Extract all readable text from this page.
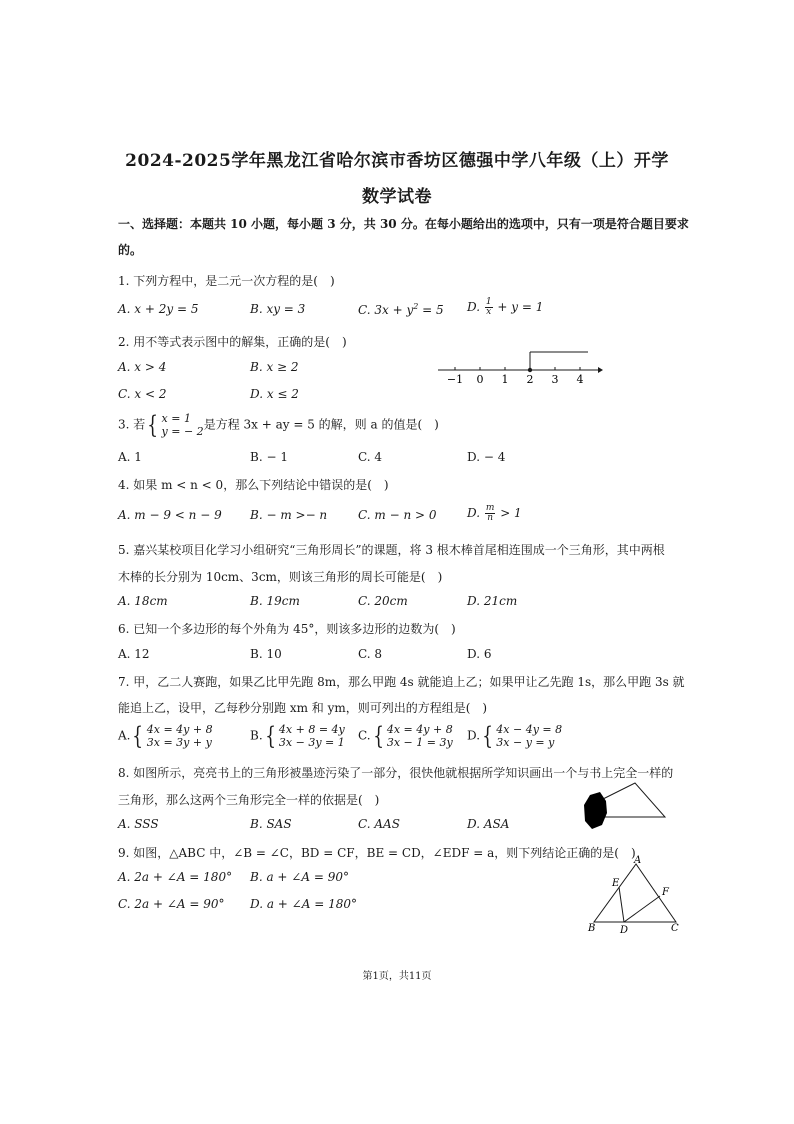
2024-2025学年黑龙江省哈尔滨市香坊区德强中学八年级（上）开学
数学试卷
一、选择题：本题共 10 小题，每小题 3 分，共 30 分。在每小题给出的选项中，只有一项是符合题目要求
的。
1. 下列方程中，是二元一次方程的是(　)
A. x + 2y = 5	B. xy = 3	C. $3x + y^2 = 5$ D. $\frac{1}{x} + y = 1$
2. 用不等式表示图中的解集，正确的是(　)
A. x > 4	B. x ≥ 2
C. x < 2	D. x ≤ 2
−1 0 1 2 3 4
3. 若{ x = 1
y = − 2 是方程 3x + ay = 5 的解，则 a 的值是(　)
A. 1	B. − 1	C. 4	D. − 4
4. 如果 m < n < 0，那么下列结论中错误的是(　)
A. m − 9 < n − 9 B. − m >− n	C. m − n > 0	D. $\frac{m}{n} > 1$
5. 嘉兴某校项目化学习小组研究“三角形周长”的课题，将 3 根木棒首尾相连围成一个三角形，其中两根
木棒的长分别为 10cm、3cm，则该三角形的周长可能是(　)
A. 18cm	B. 19cm	C. 20cm	D. 21cm
6. 已知一个多边形的每个外角为 45°，则该多边形的边数为(　)
A. 12	B. 10	C. 8	D. 6
7. 甲，乙二人赛跑，如果乙比甲先跑 8m，那么甲跑 4s 就能追上乙；如果甲让乙先跑 1s，那么甲跑 3s 就
能追上乙，设甲，乙每秒分别跑 xm 和 ym，则可列出的方程组是(　)
A.{ 4x = 4y + 8
3x = 3y + y	B.{ 4x + 8 = 4y
3x − 3y = 1 C.{ 4x = 4y + 8
3x − 1 = 3y D.{ 4x − 4y = 8
3x − y = y
8. 如图所示，亮亮书上的三角形被墨迹污染了一部分，很快他就根据所学知识画出一个与书上完全一样的
三角形，那么这两个三角形完全一样的依据是(　)
A. SSS	B. SAS	C. AAS	D. ASA
9. 如图，△ABC 中，∠B = ∠C，BD = CF，BE = CD，∠EDF = a，则下列结论正确的是(　)
A. 2a + ∠A = 180° B. a + ∠A = 90°
C. 2a + ∠A = 90° D. a + ∠A = 180°
A
B	C
D
E
F
第1页，共11页
